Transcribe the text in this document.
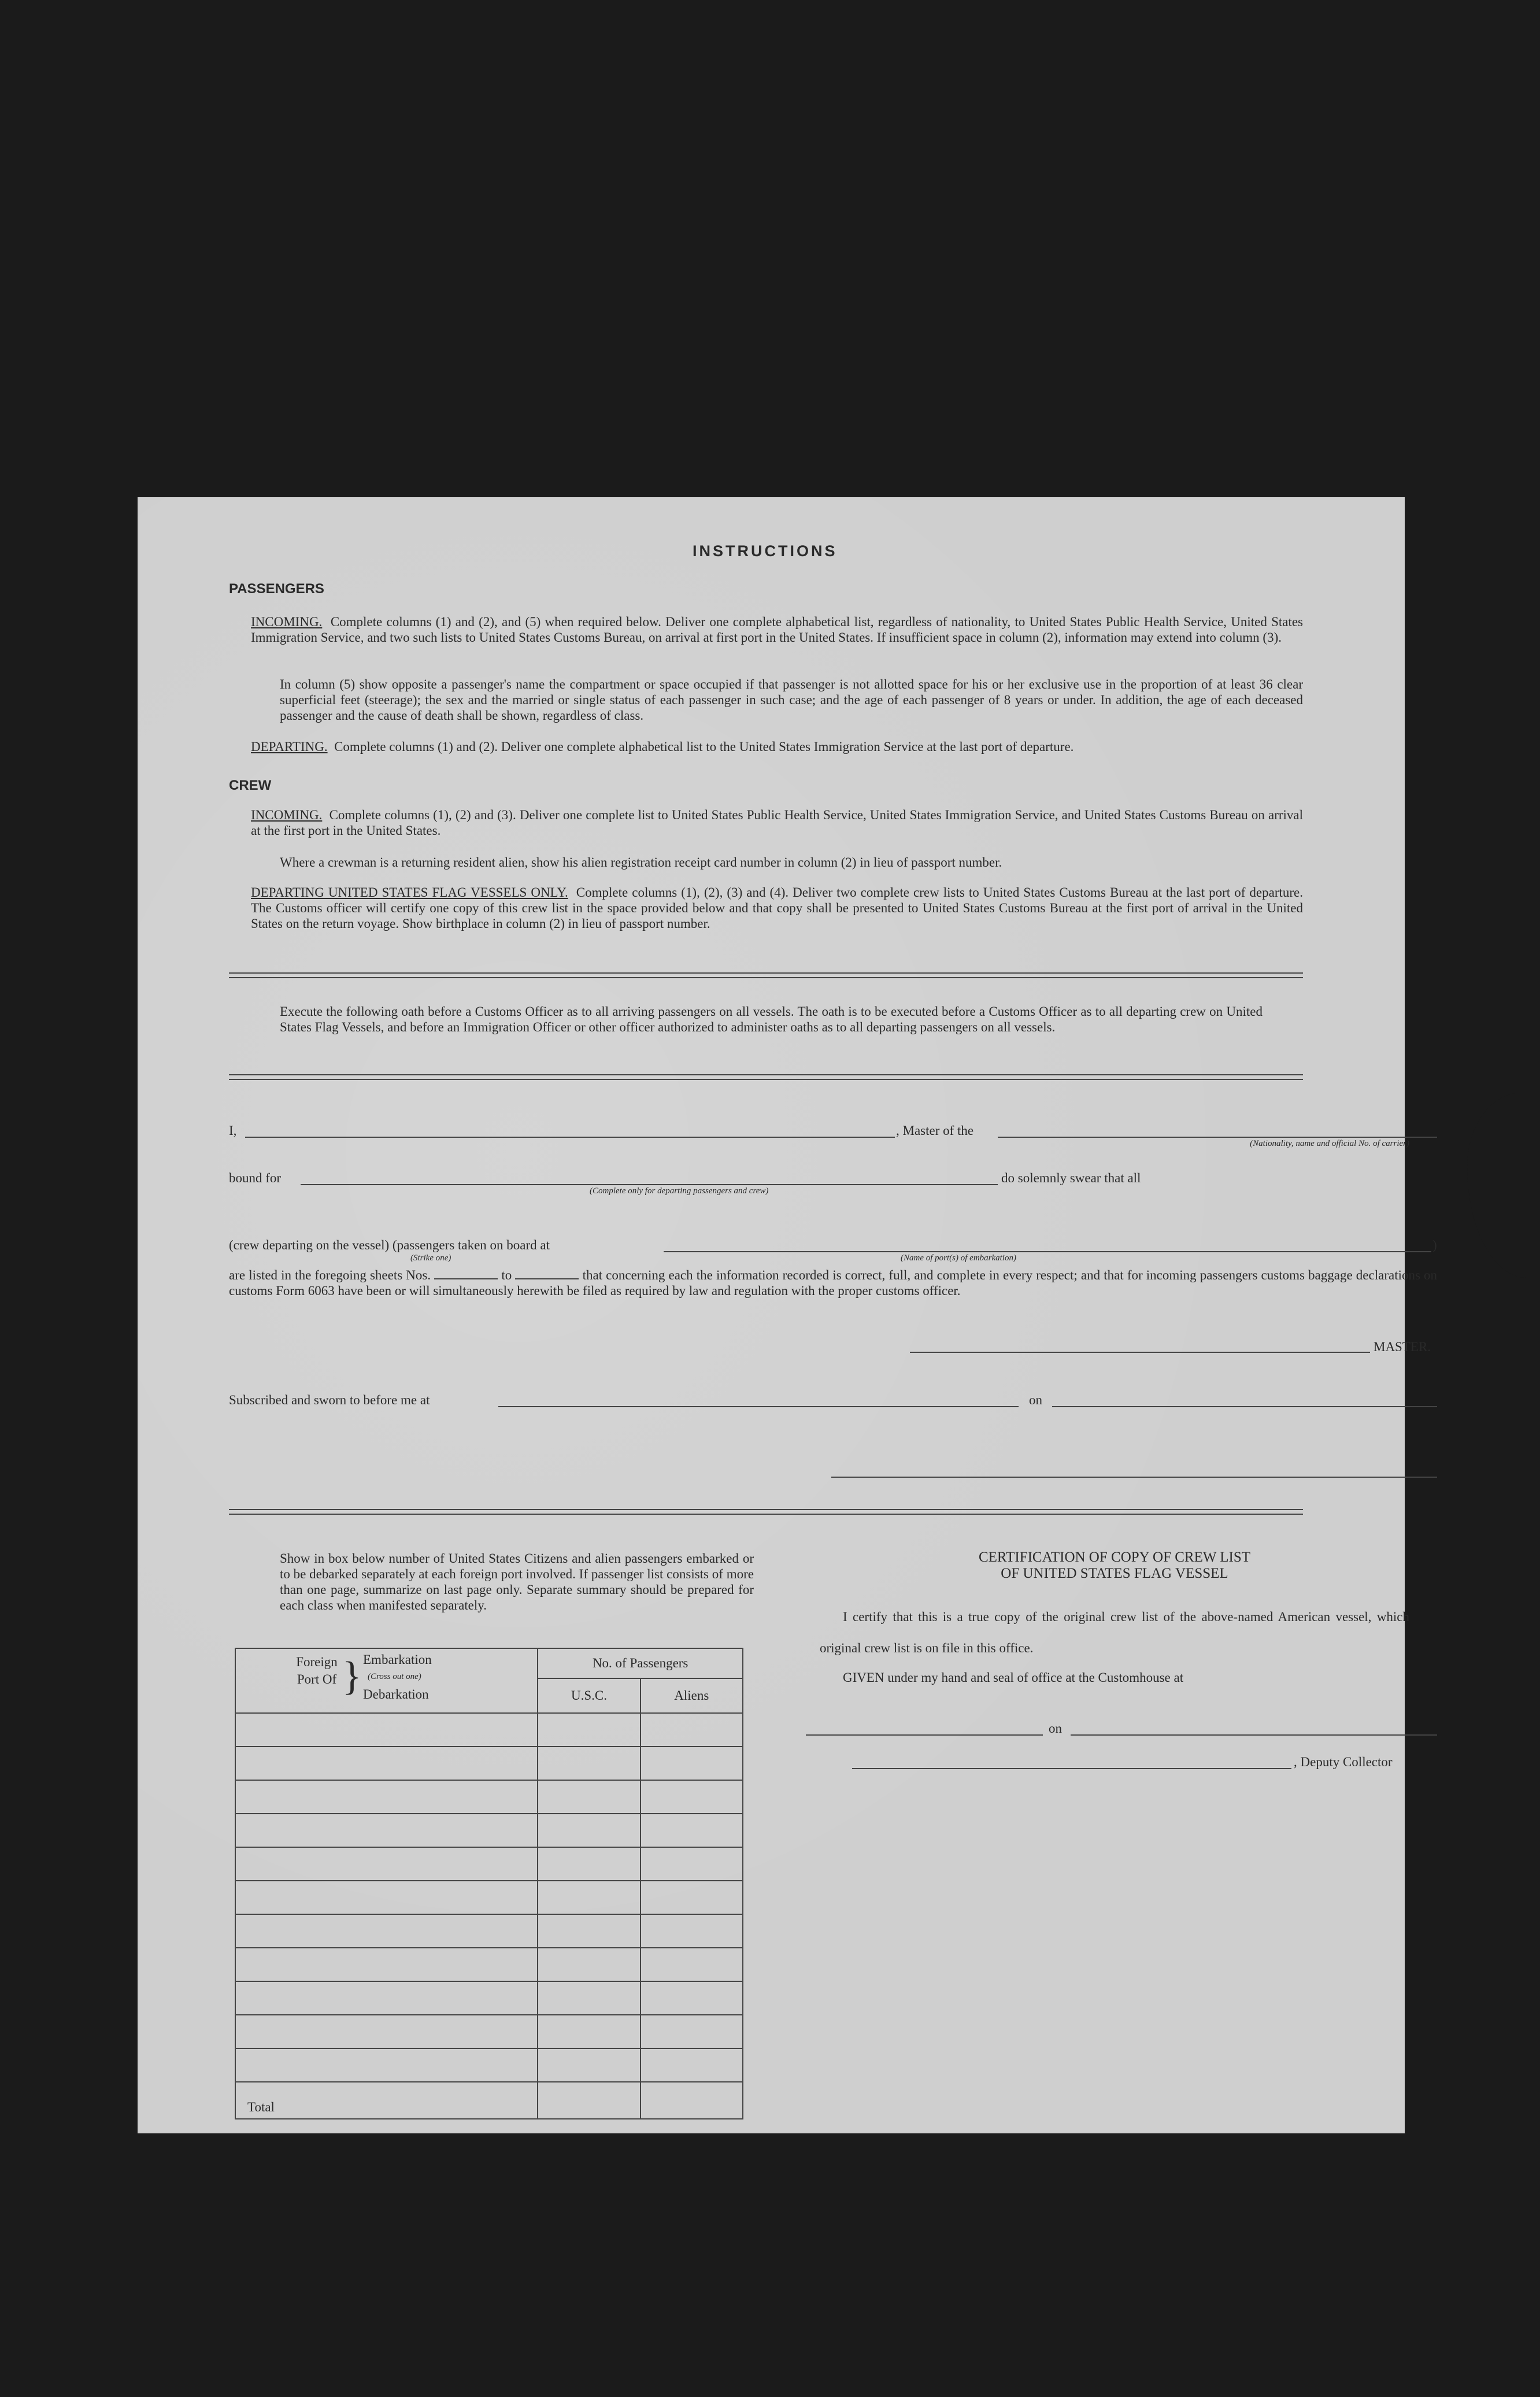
INSTRUCTIONS
PASSENGERS
INCOMING. Complete columns (1) and (2), and (5) when required below. Deliver one complete alphabetical list, regardless of nationality, to United States Public Health Service, United States Immigration Service, and two such lists to United States Customs Bureau, on arrival at first port in the United States. If insufficient space in column (2), information may extend into column (3).
In column (5) show opposite a passenger's name the compartment or space occupied if that passenger is not allotted space for his or her exclusive use in the proportion of at least 36 clear superficial feet (steerage); the sex and the married or single status of each passenger in such case; and the age of each passenger of 8 years or under. In addition, the age of each deceased passenger and the cause of death shall be shown, regardless of class.
DEPARTING. Complete columns (1) and (2). Deliver one complete alphabetical list to the United States Immigration Service at the last port of departure.
CREW
INCOMING. Complete columns (1), (2) and (3). Deliver one complete list to United States Public Health Service, United States Immigration Service, and United States Customs Bureau on arrival at the first port in the United States.
Where a crewman is a returning resident alien, show his alien registration receipt card number in column (2) in lieu of passport number.
DEPARTING UNITED STATES FLAG VESSELS ONLY. Complete columns (1), (2), (3) and (4). Deliver two complete crew lists to United States Customs Bureau at the last port of departure. The Customs officer will certify one copy of this crew list in the space provided below and that copy shall be presented to United States Customs Bureau at the first port of arrival in the United States on the return voyage. Show birthplace in column (2) in lieu of passport number.
Execute the following oath before a Customs Officer as to all arriving passengers on all vessels. The oath is to be executed before a Customs Officer as to all departing crew on United States Flag Vessels, and before an Immigration Officer or other officer authorized to administer oaths as to all departing passengers on all vessels.
I,	, Master of the
(Nationality, name and official No. of carrier)
bound for
(Complete only for departing passengers and crew)
do solemnly swear that all
(crew departing on the vessel) (passengers taken on board at
(Strike one)
)
(Name of port(s) of embarkation)
are listed in the foregoing sheets Nos.	to	that concerning each the information recorded is correct, full, and complete in every respect; and that for incoming passengers customs baggage declarations on customs Form 6063 have been or will simultaneously herewith be filed as required by law and regulation with the proper customs officer.
MASTER.
Subscribed and sworn to before me at	on
Show in box below number of United States Citizens and alien passengers embarked or to be debarked separately at each foreign port involved. If passenger list consists of more than one page, summarize on last page only. Separate summary should be prepared for each class when manifested separately.
Foreign Port Of } Embarkation
(Cross out one)
Debarkation	No. of Passengers	
	U.S.C.	Aliens

Total		
CERTIFICATION OF COPY OF CREW LIST
OF UNITED STATES FLAG VESSEL
I certify that this is a true copy of the original crew list of the above-named American vessel, which original crew list is on file in this office.
GIVEN under my hand and seal of office at the Customhouse at
on
, Deputy Collector
